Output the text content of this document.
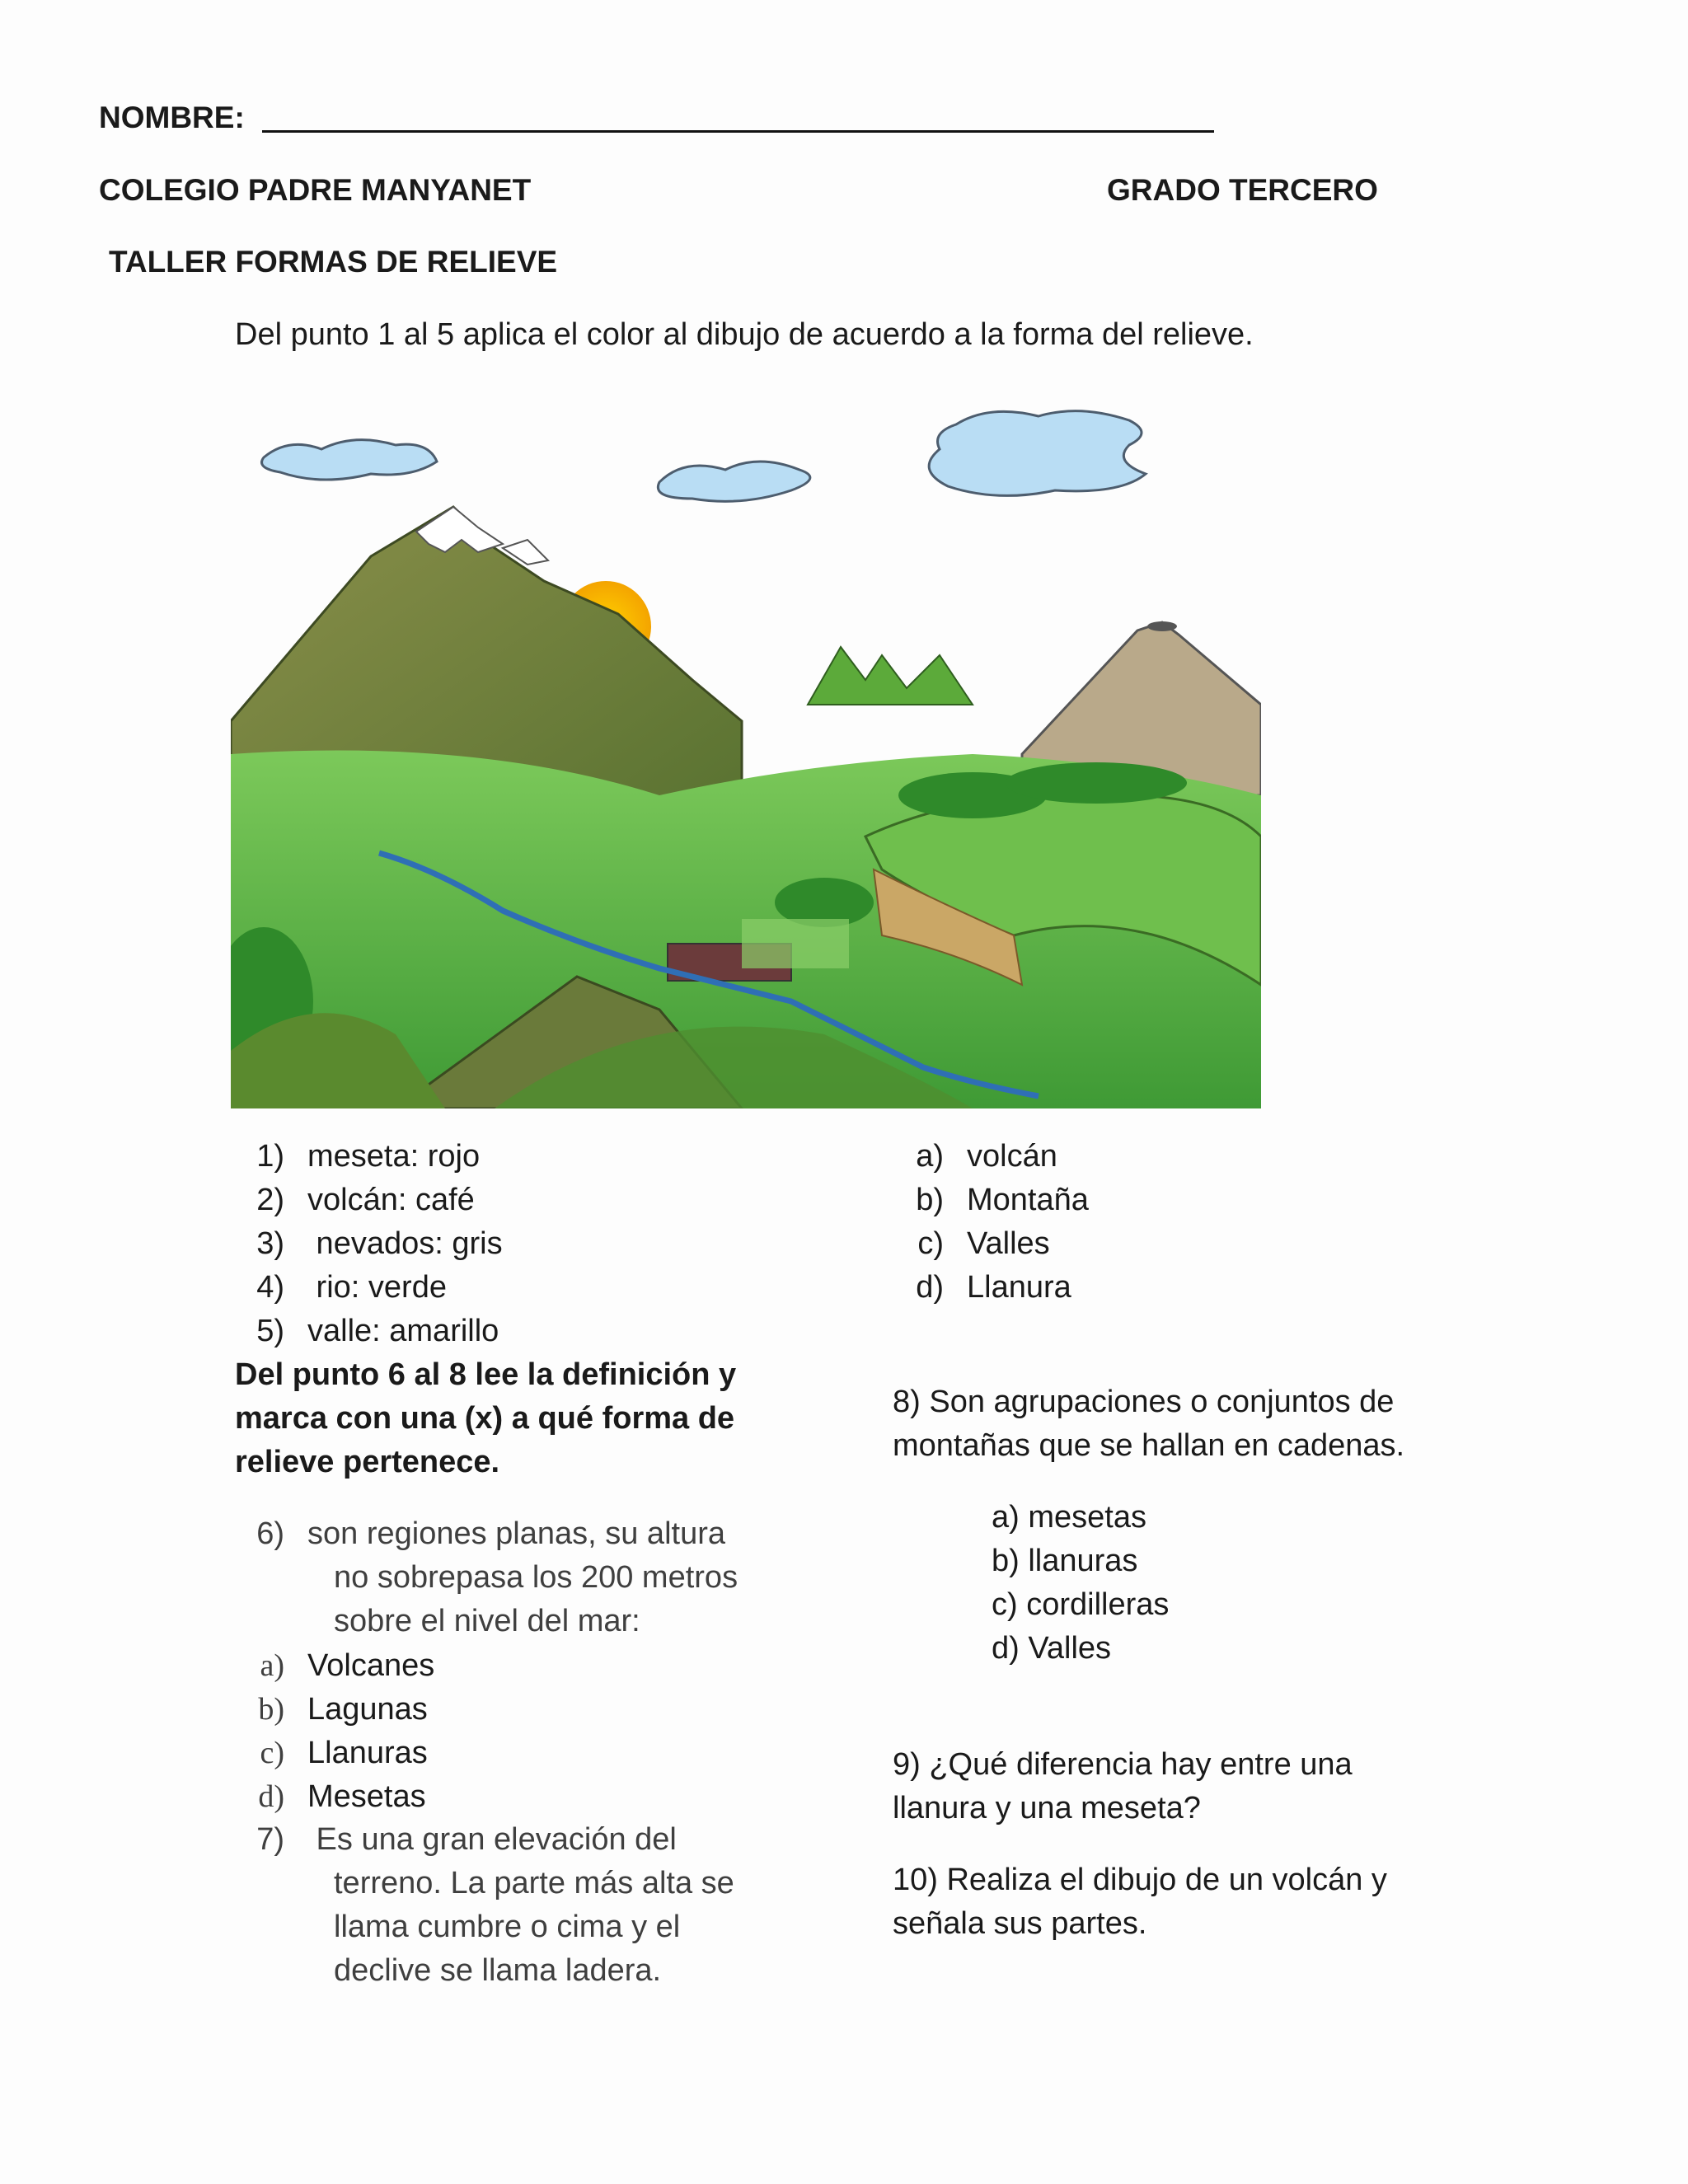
NOMBRE:
COLEGIO PADRE MANYANET	GRADO TERCERO
TALLER FORMAS DE RELIEVE
Del punto 1 al 5 aplica el color al dibujo de acuerdo a la forma del relieve.
1) meseta: rojo
2) volcán: café
3) nevados: gris
4) rio: verde
5) valle: amarillo
a) volcán
b) Montaña
c) Valles
d) Llanura
Del punto 6 al 8 lee la definición y
marca con una (x) a qué forma de
relieve pertenece.
6) son regiones planas, su altura
no sobrepasa los 200 metros
sobre el nivel del mar:
a) Volcanes
b) Lagunas
c) Llanuras
d) Mesetas
7) Es una gran elevación del
terreno. La parte más alta se
llama cumbre o cima y el
declive se llama ladera.
8) Son agrupaciones o conjuntos de
montañas que se hallan en cadenas.
a) mesetas
b) llanuras
c) cordilleras
d) Valles
9) ¿Qué diferencia hay entre una
llanura y una meseta?
10) Realiza el dibujo de un volcán y
señala sus partes.
